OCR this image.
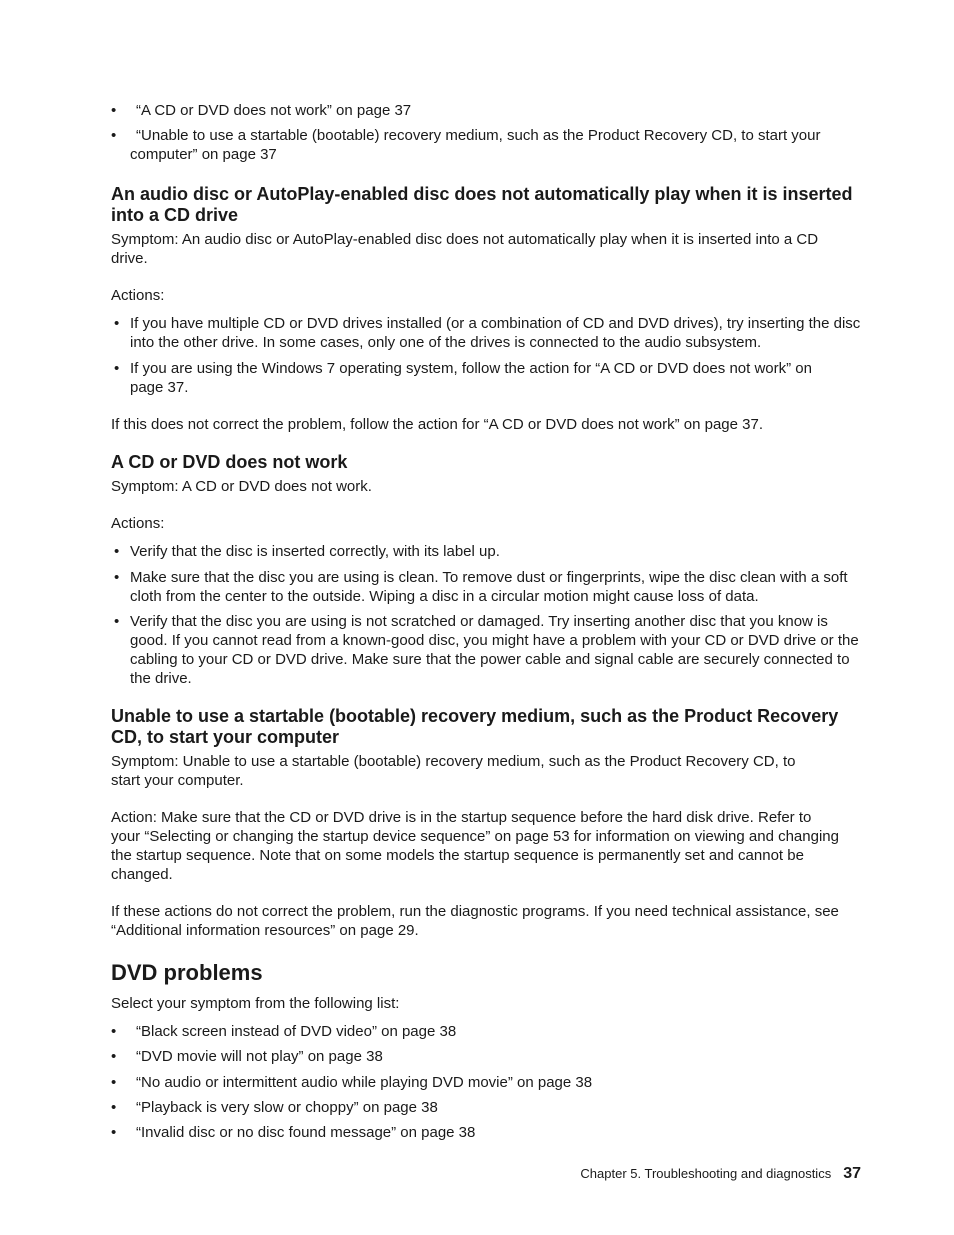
• “A CD or DVD does not work” on page 37
• “Unable to use a startable (bootable) recovery medium, such as the Product Recovery CD, to start your computer” on page 37
An audio disc or AutoPlay-enabled disc does not automatically play when it is inserted into a CD drive

Symptom: An audio disc or AutoPlay-enabled disc does not automatically play when it is inserted into a CD drive.

Actions:

• If you have multiple CD or DVD drives installed (or a combination of CD and DVD drives), try inserting the disc into the other drive. In some cases, only one of the drives is connected to the audio subsystem.
• If you are using the Windows 7 operating system, follow the action for “A CD or DVD does not work” on page 37.

If this does not correct the problem, follow the action for “A CD or DVD does not work” on page 37.

A CD or DVD does not work

Symptom: A CD or DVD does not work.

Actions:

• Verify that the disc is inserted correctly, with its label up.
• Make sure that the disc you are using is clean. To remove dust or fingerprints, wipe the disc clean with a soft cloth from the center to the outside. Wiping a disc in a circular motion might cause loss of data.
• Verify that the disc you are using is not scratched or damaged. Try inserting another disc that you know is good. If you cannot read from a known-good disc, you might have a problem with your CD or DVD drive or the cabling to your CD or DVD drive. Make sure that the power cable and signal cable are securely connected to the drive.
Unable to use a startable (bootable) recovery medium, such as the Product Recovery CD, to start your computer

Symptom: Unable to use a startable (bootable) recovery medium, such as the Product Recovery CD, to start your computer.

Action: Make sure that the CD or DVD drive is in the startup sequence before the hard disk drive. Refer to your “Selecting or changing the startup device sequence” on page 53 for information on viewing and changing the startup sequence. Note that on some models the startup sequence is permanently set and cannot be changed.

If these actions do not correct the problem, run the diagnostic programs. If you need technical assistance, see “Additional information resources” on page 29.

DVD problems

Select your symptom from the following list:

• “Black screen instead of DVD video” on page 38
• “DVD movie will not play” on page 38
• “No audio or intermittent audio while playing DVD movie” on page 38
• “Playback is very slow or choppy” on page 38
• “Invalid disc or no disc found message” on page 38
Chapter 5. Troubleshooting and diagnostics 37
